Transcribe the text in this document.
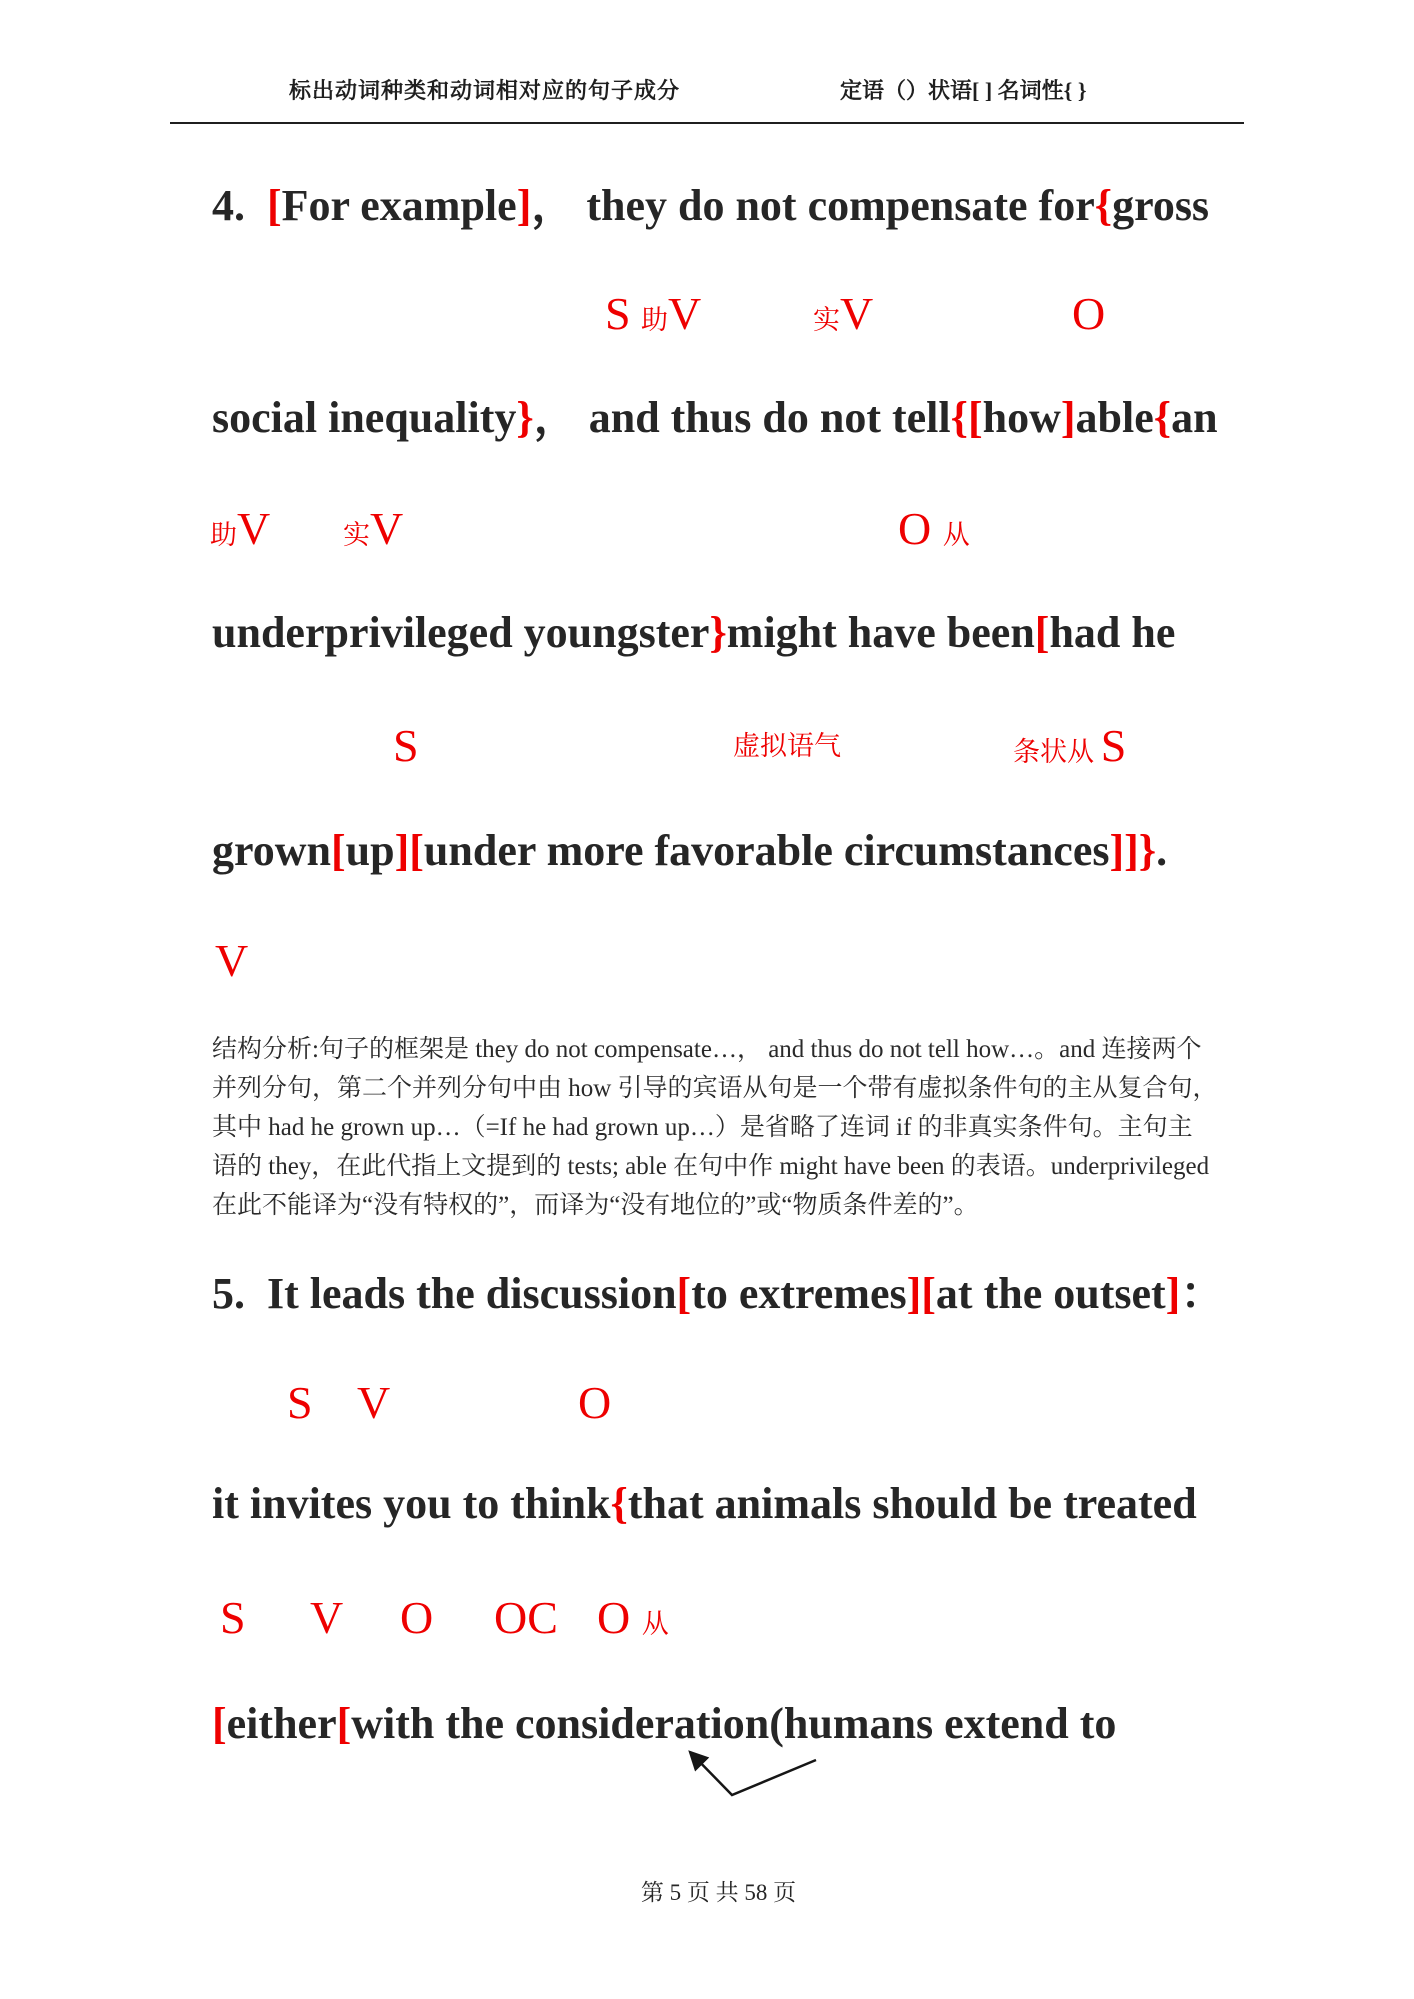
标出动词种类和动词相对应的句子成分	定语（）状语[ ] 名词性{ }
4.  [For example]， they do not compensate for{gross
S 助V	实V	O
social inequality}， and thus do not tell{[how]able{an
助V	实V	O 从
underprivileged youngster}might have been[had he
S	虚拟语气	条状从 S
grown[up][under more favorable circumstances]]}.
V
结构分析:句子的框架是 they do not compensate…， and thus do not tell how…。and 连接两个
并列分句，第二个并列分句中由 how 引导的宾语从句是一个带有虚拟条件句的主从复合句，
其中 had he grown up…（=If he had grown up…）是省略了连词 if 的非真实条件句。主句主
语的 they，在此代指上文提到的 tests; able 在句中作 might have been 的表语。underprivileged
在此不能译为“没有特权的”，而译为“没有地位的”或“物质条件差的”。
5.  It leads the discussion[to extremes][at the outset]：
S V	O
it invites you to think{that animals should be treated
S V O OC O 从
[either[with the consideration(humans extend to

第 5 页 共 58 页
